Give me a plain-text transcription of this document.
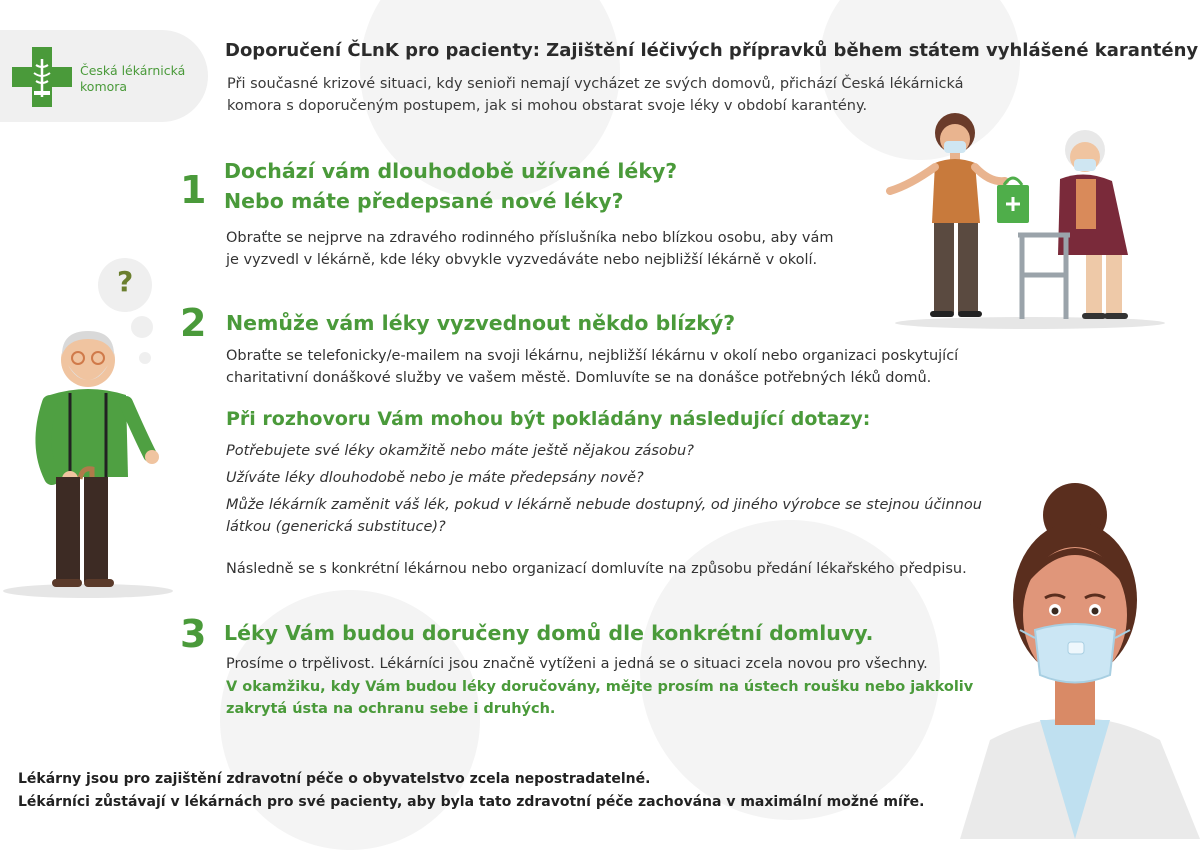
Česká lékárnická
komora
Doporučení ČLnK pro pacienty: Zajištění léčivých přípravků během státem vyhlášené karantény
Při současné krizové situaci, kdy senioři nemají vycházet ze svých domovů, přichází Česká lékárnická
komora s doporučeným postupem, jak si mohou obstarat svoje léky v období karantény.
1 Dochází vám dlouhodobě užívané léky?
Nebo máte předepsané nové léky?
Obraťte se nejprve na zdravého rodinného příslušníka nebo blízkou osobu, aby vám
je vyzvedl v lékárně, kde léky obvykle vyzvedáváte nebo nejbližší lékárně v okolí.
2 Nemůže vám léky vyzvednout někdo blízký?
Obraťte se telefonicky/e-mailem na svoji lékárnu, nejbližší lékárnu v okolí nebo organizaci poskytující
charitativní donáškové služby ve vašem městě. Domluvíte se na donášce potřebných léků domů.
Při rozhovoru Vám mohou být pokládány následující dotazy:
Potřebujete své léky okamžitě nebo máte ještě nějakou zásobu?
Užíváte léky dlouhodobě nebo je máte předepsány nově?
Může lékárník zaměnit váš lék, pokud v lékárně nebude dostupný, od jiného výrobce se stejnou účinnou
látkou (generická substituce)?
Následně se s konkrétní lékárnou nebo organizací domluvíte na způsobu předání lékařského předpisu.
3 Léky Vám budou doručeny domů dle konkrétní domluvy.
Prosíme o trpělivost. Lékárníci jsou značně vytíženi a jedná se o situaci zcela novou pro všechny.
V okamžiku, kdy Vám budou léky doručovány, mějte prosím na ústech roušku nebo jakkoliv
zakrytá ústa na ochranu sebe i druhých.
Lékárny jsou pro zajištění zdravotní péče o obyvatelstvo zcela nepostradatelné.
Lékárníci zůstávají v lékárnách pro své pacienty, aby byla tato zdravotní péče zachována v maximální možné míře.
?
